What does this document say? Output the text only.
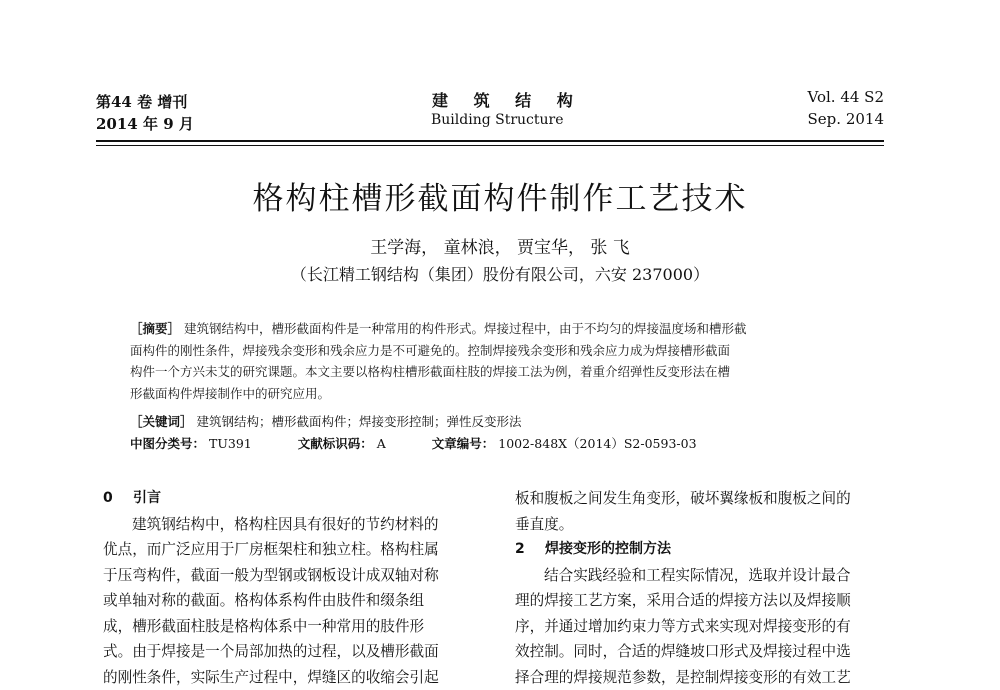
第44 卷 增刊
2014 年 9 月
建 筑 结 构
Building Structure
Vol. 44 S2
Sep. 2014
格构柱槽形截面构件制作工艺技术
王学海， 童林浪， 贾宝华， 张 飞
（长江精工钢结构（集团）股份有限公司，六安 237000）
［摘要］ 建筑钢结构中，槽形截面构件是一种常用的构件形式。焊接过程中，由于不均匀的焊接温度场和槽形截
面构件的刚性条件，焊接残余变形和残余应力是不可避免的。控制焊接残余变形和残余应力成为焊接槽形截面
构件一个方兴未艾的研究课题。本文主要以格构柱槽形截面柱肢的焊接工法为例，着重介绍弹性反变形法在槽
形截面构件焊接制作中的研究应用。
［关键词］ 建筑钢结构；槽形截面构件；焊接变形控制；弹性反变形法
中图分类号： TU391	文献标识码： A	文章编号： 1002-848X（2014）S2-0593-03
0 引言
建筑钢结构中，格构柱因具有很好的节约材料的
优点，而广泛应用于厂房框架柱和独立柱。格构柱属
于压弯构件，截面一般为型钢或钢板设计成双轴对称
或单轴对称的截面。格构体系构件由肢件和缀条组
成，槽形截面柱肢是格构体系中一种常用的肢件形
式。由于焊接是一个局部加热的过程，以及槽形截面
的刚性条件，实际生产过程中，焊缝区的收缩会引起
板和腹板之间发生角变形，破坏翼缘板和腹板之间的
垂直度。
2 焊接变形的控制方法
结合实践经验和工程实际情况，选取并设计最合
理的焊接工艺方案，采用合适的焊接方法以及焊接顺
序，并通过增加约束力等方式来实现对焊接变形的有
效控制。同时，合适的焊缝坡口形式及焊接过程中选
择合理的焊接规范参数，是控制焊接变形的有效工艺
